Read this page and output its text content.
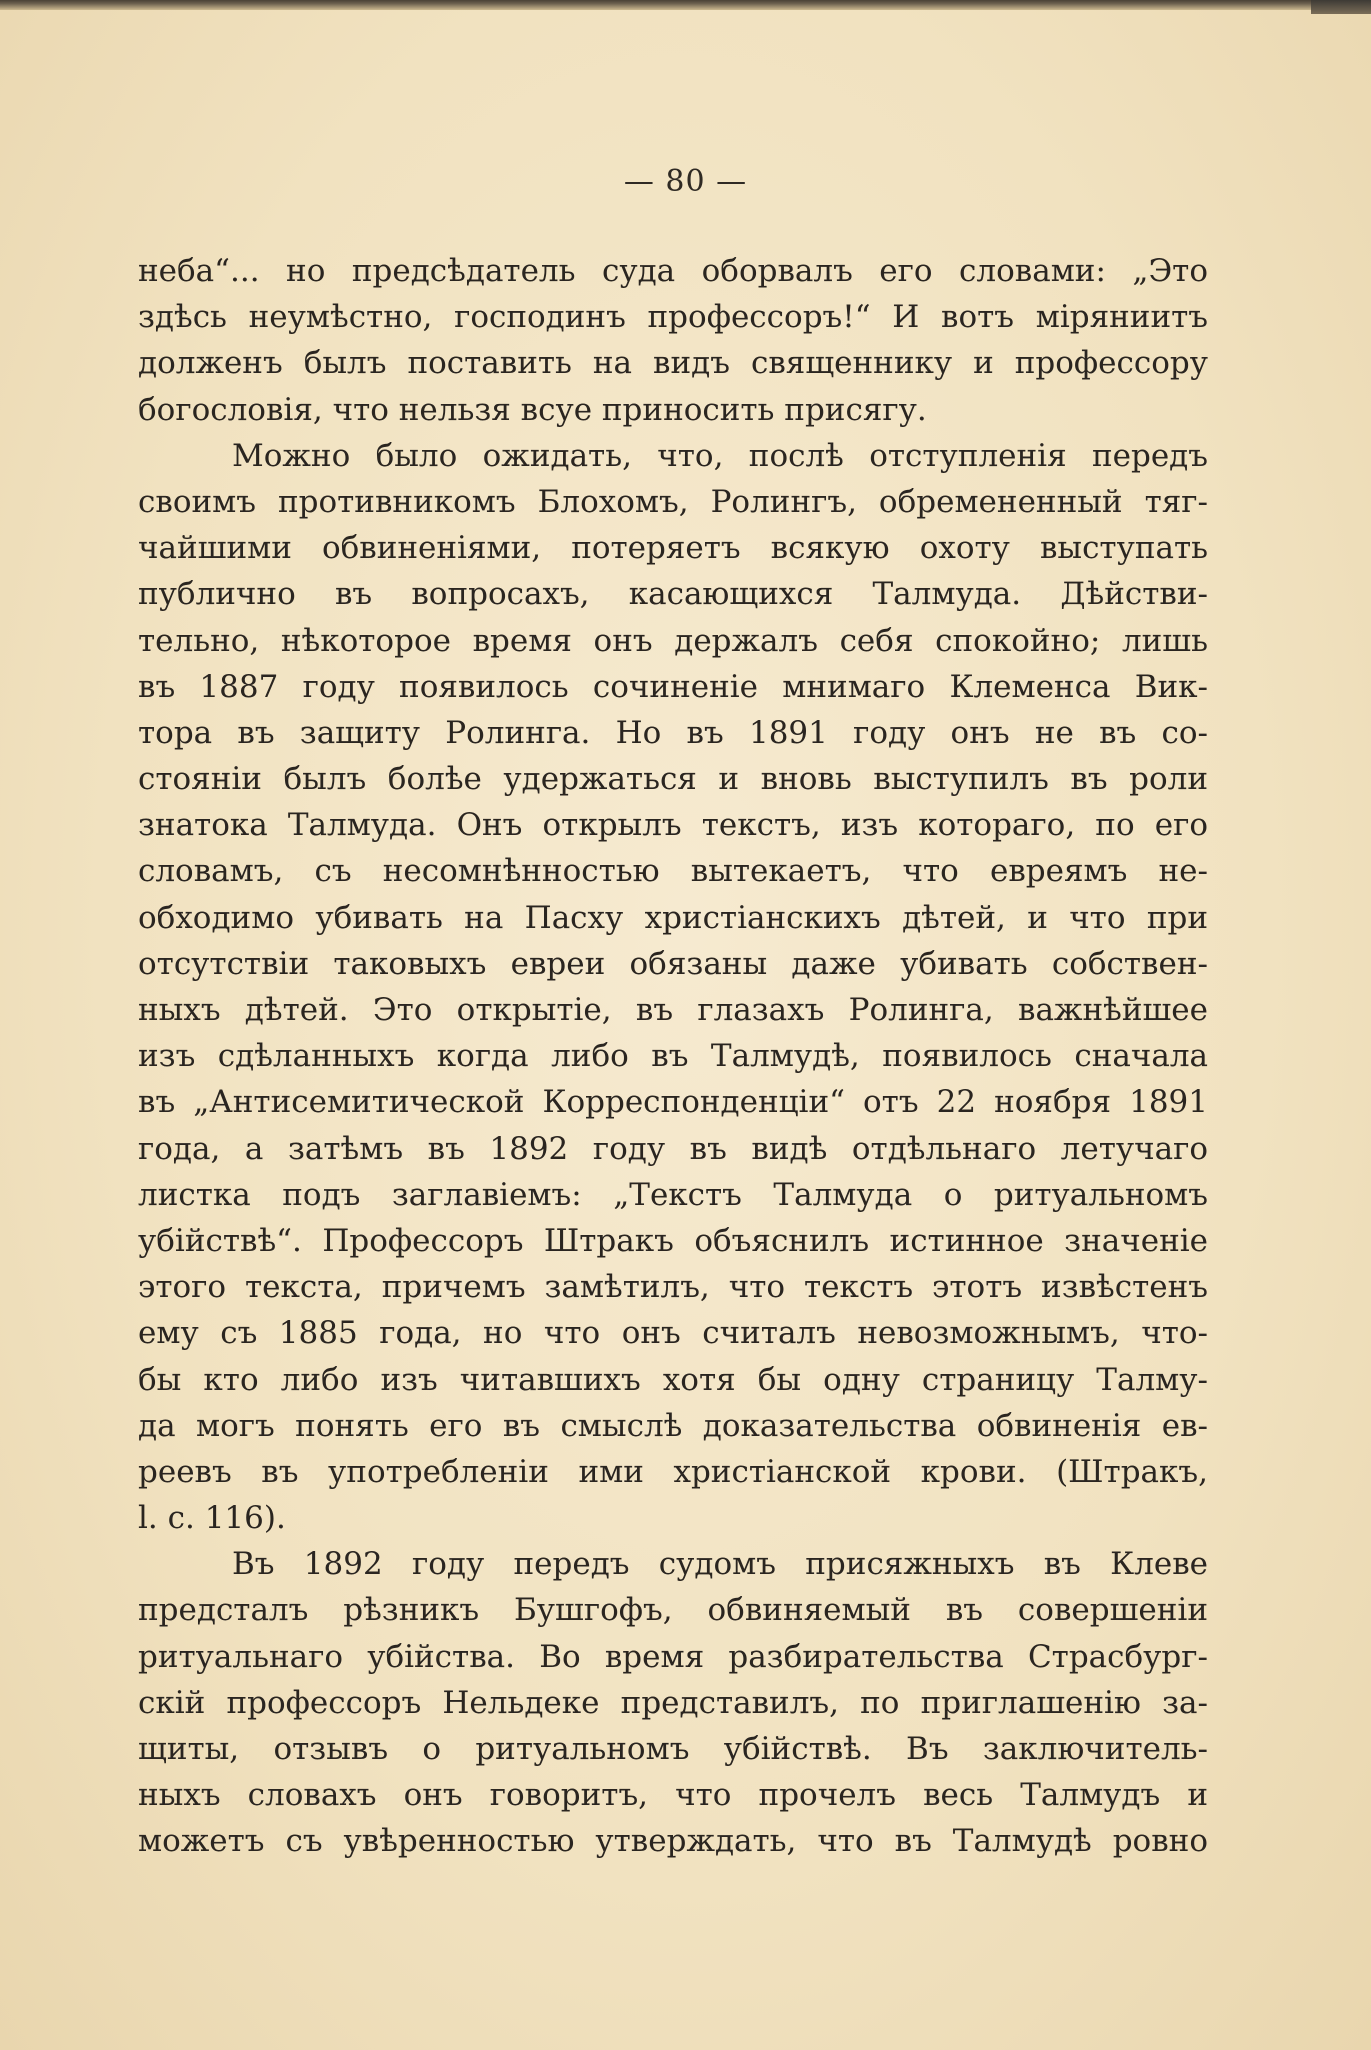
— 80 —
неба“... но предсѣдатель суда оборвалъ его словами: „Это
здѣсь неумѣстно, господинъ профессоръ!“ И вотъ міряниитъ
долженъ былъ поставить на видъ священнику и профессору
богословія, что нельзя всуе приносить присягу.
Можно было ожидать, что, послѣ отступленія передъ
своимъ противникомъ Блохомъ, Ролингъ, обремененный тяг-
чайшими обвиненіями, потеряетъ всякую охоту выступать
публично въ вопросахъ, касающихся Талмуда. Дѣйстви-
тельно, нѣкоторое время онъ держалъ себя спокойно; лишь
въ 1887 году появилось сочиненіе мнимаго Клеменса Вик-
тора въ защиту Ролинга. Но въ 1891 году онъ не въ со-
стояніи былъ болѣе удержаться и вновь выступилъ въ роли
знатока Талмуда. Онъ открылъ текстъ, изъ котораго, по его
словамъ, съ несомнѣнностью вытекаетъ, что евреямъ не-
обходимо убивать на Пасху христіанскихъ дѣтей, и что при
отсутствіи таковыхъ евреи обязаны даже убивать собствен-
ныхъ дѣтей. Это открытіе, въ глазахъ Ролинга, важнѣйшее
изъ сдѣланныхъ когда либо въ Талмудѣ, появилось сначала
въ „Антисемитической Корреспонденціи“ отъ 22 ноября 1891
года, а затѣмъ въ 1892 году въ видѣ отдѣльнаго летучаго
листка подъ заглавіемъ: „Текстъ Талмуда о ритуальномъ
убійствѣ“. Профессоръ Штракъ объяснилъ истинное значеніе
этого текста, причемъ замѣтилъ, что текстъ этотъ извѣстенъ
ему съ 1885 года, но что онъ считалъ невозможнымъ, что-
бы кто либо изъ читавшихъ хотя бы одну страницу Талму-
да могъ понять его въ смыслѣ доказательства обвиненія ев-
реевъ въ употребленіи ими христіанской крови. (Штракъ,
l. c. 116).
Въ 1892 году передъ судомъ присяжныхъ въ Клеве
предсталъ рѣзникъ Бушгофъ, обвиняемый въ совершеніи
ритуальнаго убійства. Во время разбирательства Страсбург-
скій профессоръ Нельдеке представилъ, по приглашенію за-
щиты, отзывъ о ритуальномъ убійствѣ. Въ заключитель-
ныхъ словахъ онъ говоритъ, что прочелъ весь Талмудъ и
можетъ съ увѣренностью утверждать, что въ Талмудѣ ровно
